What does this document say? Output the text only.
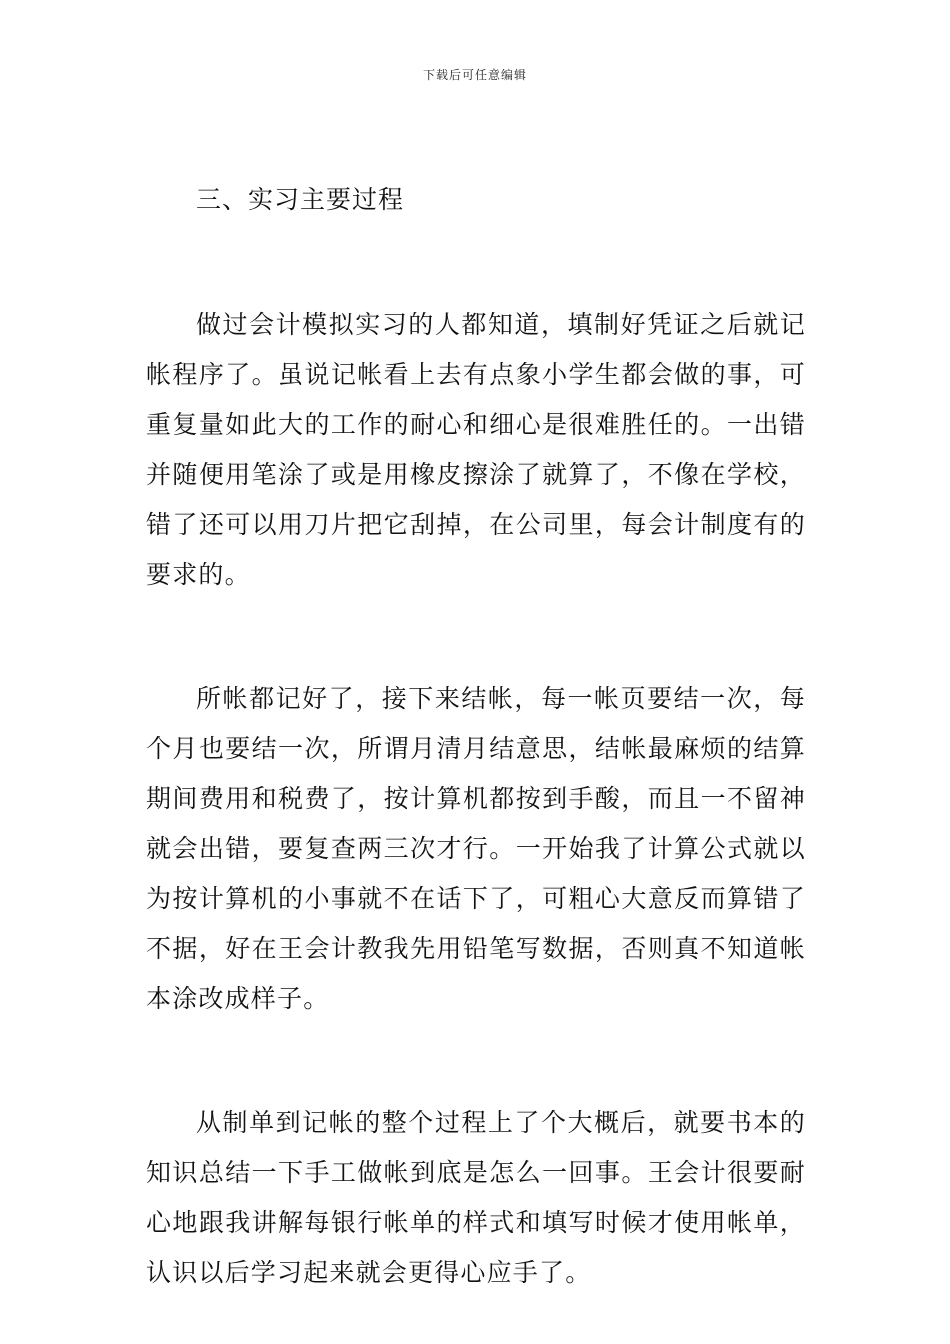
下载后可任意编辑
三、实习主要过程

做过会计模拟实习的人都知道，填制好凭证之后就记帐程序了。虽说记帐看上去有点象小学生都会做的事，可重复量如此大的工作的耐心和细心是很难胜任的。一出错并随便用笔涂了或是用橡皮擦涂了就算了，不像在学校，错了还可以用刀片把它刮掉，在公司里，每会计制度有的要求的。

所帐都记好了，接下来结帐，每一帐页要结一次，每个月也要结一次，所谓月清月结意思，结帐最麻烦的结算期间费用和税费了，按计算机都按到手酸，而且一不留神就会出错，要复查两三次才行。一开始我了计算公式就以为按计算机的小事就不在话下了，可粗心大意反而算错了不据，好在王会计教我先用铅笔写数据，否则真不知道帐本涂改成样子。

从制单到记帐的整个过程上了个大概后，就要书本的知识总结一下手工做帐到底是怎么一回事。王会计很要耐心地跟我讲解每银行帐单的样式和填写时候才使用帐单，认识以后学习起来就会更得心应手了。
